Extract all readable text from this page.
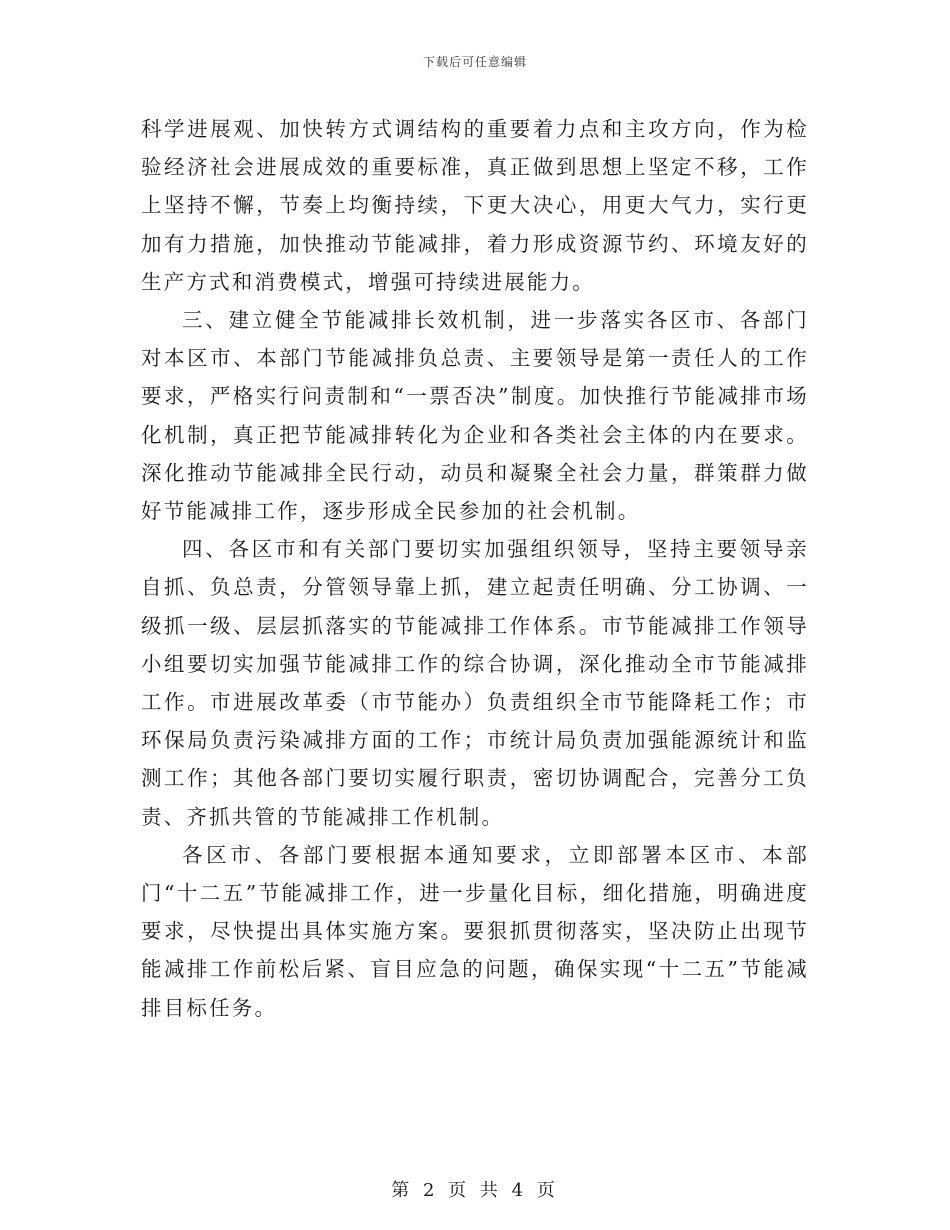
下载后可任意编辑

科学进展观、加快转方式调结构的重要着力点和主攻方向，作为检验经济社会进展成效的重要标准，真正做到思想上坚定不移，工作上坚持不懈，节奏上均衡持续，下更大决心，用更大气力，实行更加有力措施，加快推动节能减排，着力形成资源节约、环境友好的生产方式和消费模式，增强可持续进展能力。

三、建立健全节能减排长效机制，进一步落实各区市、各部门对本区市、本部门节能减排负总责、主要领导是第一责任人的工作要求，严格实行问责制和“一票否决”制度。加快推行节能减排市场化机制，真正把节能减排转化为企业和各类社会主体的内在要求。深化推动节能减排全民行动，动员和凝聚全社会力量，群策群力做好节能减排工作，逐步形成全民参加的社会机制。

四、各区市和有关部门要切实加强组织领导，坚持主要领导亲自抓、负总责，分管领导靠上抓，建立起责任明确、分工协调、一级抓一级、层层抓落实的节能减排工作体系。市节能减排工作领导小组要切实加强节能减排工作的综合协调，深化推动全市节能减排工作。市进展改革委（市节能办）负责组织全市节能降耗工作；市环保局负责污染减排方面的工作；市统计局负责加强能源统计和监测工作；其他各部门要切实履行职责，密切协调配合，完善分工负责、齐抓共管的节能减排工作机制。

各区市、各部门要根据本通知要求，立即部署本区市、本部门“十二五”节能减排工作，进一步量化目标，细化措施，明确进度要求，尽快提出具体实施方案。要狠抓贯彻落实，坚决防止出现节能减排工作前松后紧、盲目应急的问题，确保实现“十二五”节能减排目标任务。

第 2 页 共 4 页
